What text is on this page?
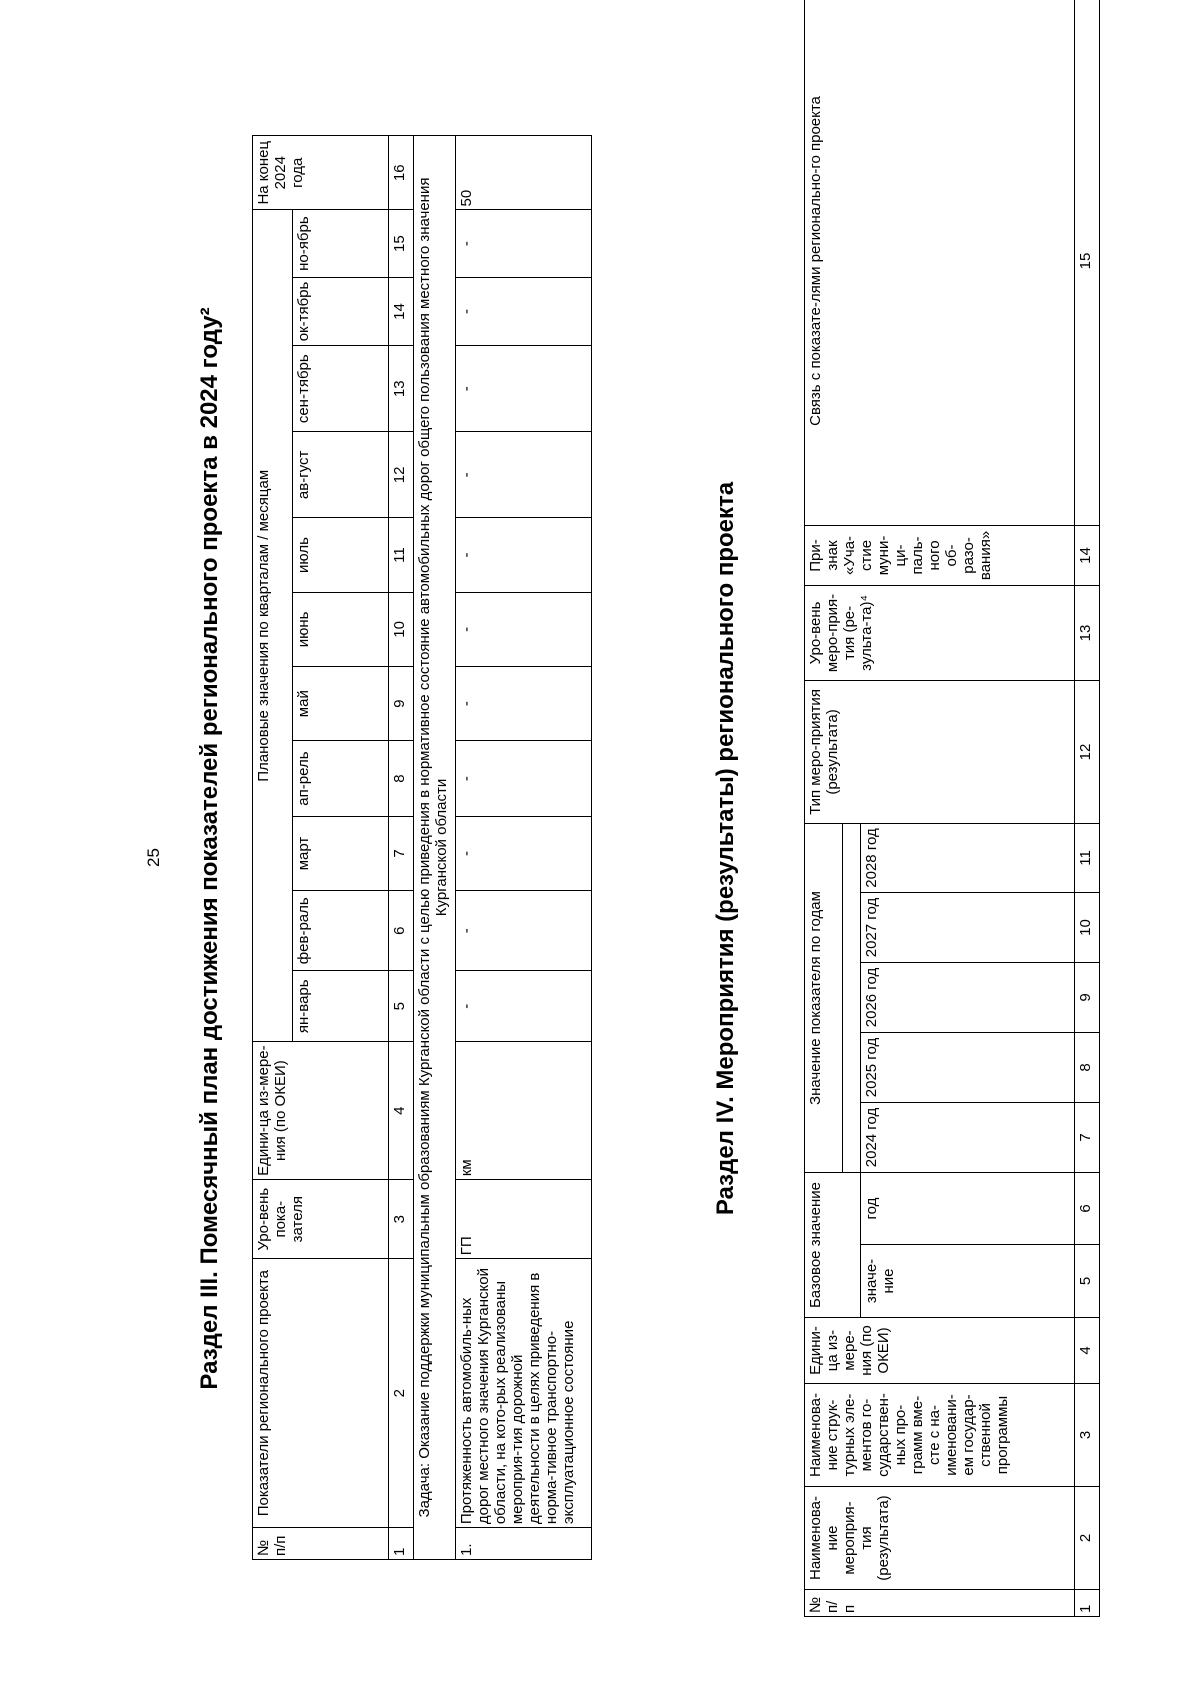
25 Раздел III. Помесячный план достижения показателей регионального проекта в 2024 году²
№ п/п	Показатели регионального проекта	Уро-вень пока-зателя	Едини-ца из-мере-ния (по ОКЕИ)	Плановые значения по кварталам / месяцам											На конец 2024 года
				ян-варь	фев-раль	март	ап-рель	май	июнь	июль	ав-густ	сен-тябрь	ок-тябрь	но-ябрь	
1	2	3	4	5	6	7	8	9	10	11	12	13	14	15	16
Задача: Оказание поддержки муниципальным образованиям Курганской области с целью приведения в нормативное состояние автомобильных дорог общего пользования местного значения Курганской области															
1.	Протяженность автомобиль-ных дорог местного значения Курганской области, на кото-рых реализованы мероприя-тия дорожной деятельности в целях приведения в норма-тивное транспортно-эксплуатационное состояние	ГП	км	-	-	-	-	-	-	-	-	-	-	-	50
Раздел IV. Мероприятия (результаты) регионального проекта
№ п/п	Наименова-ние мероприя-тия (результата)	Наименова-ние струк-турных эле-ментов го-сударствен-ных про-грамм вме-сте с на-именовани-ем государ-ственной программы	Едини-ца из-мере-ния (по ОКЕИ)	Базовое значение		Значение показателя по годам					Тип меро-приятия (результата)	Уро-вень меро-прия-тия (ре-зульта-та)⁴	При-знак «Уча-стие муни-ци-паль-ного об-разо-вания»	Связь с показате-лями регионально-го проекта

				значе-ние	год	2024 год	2025 год	2026 год	2027 год	2028 год				
1	2	3	4	5	6	7	8	9	10	11	12	13	14	15
